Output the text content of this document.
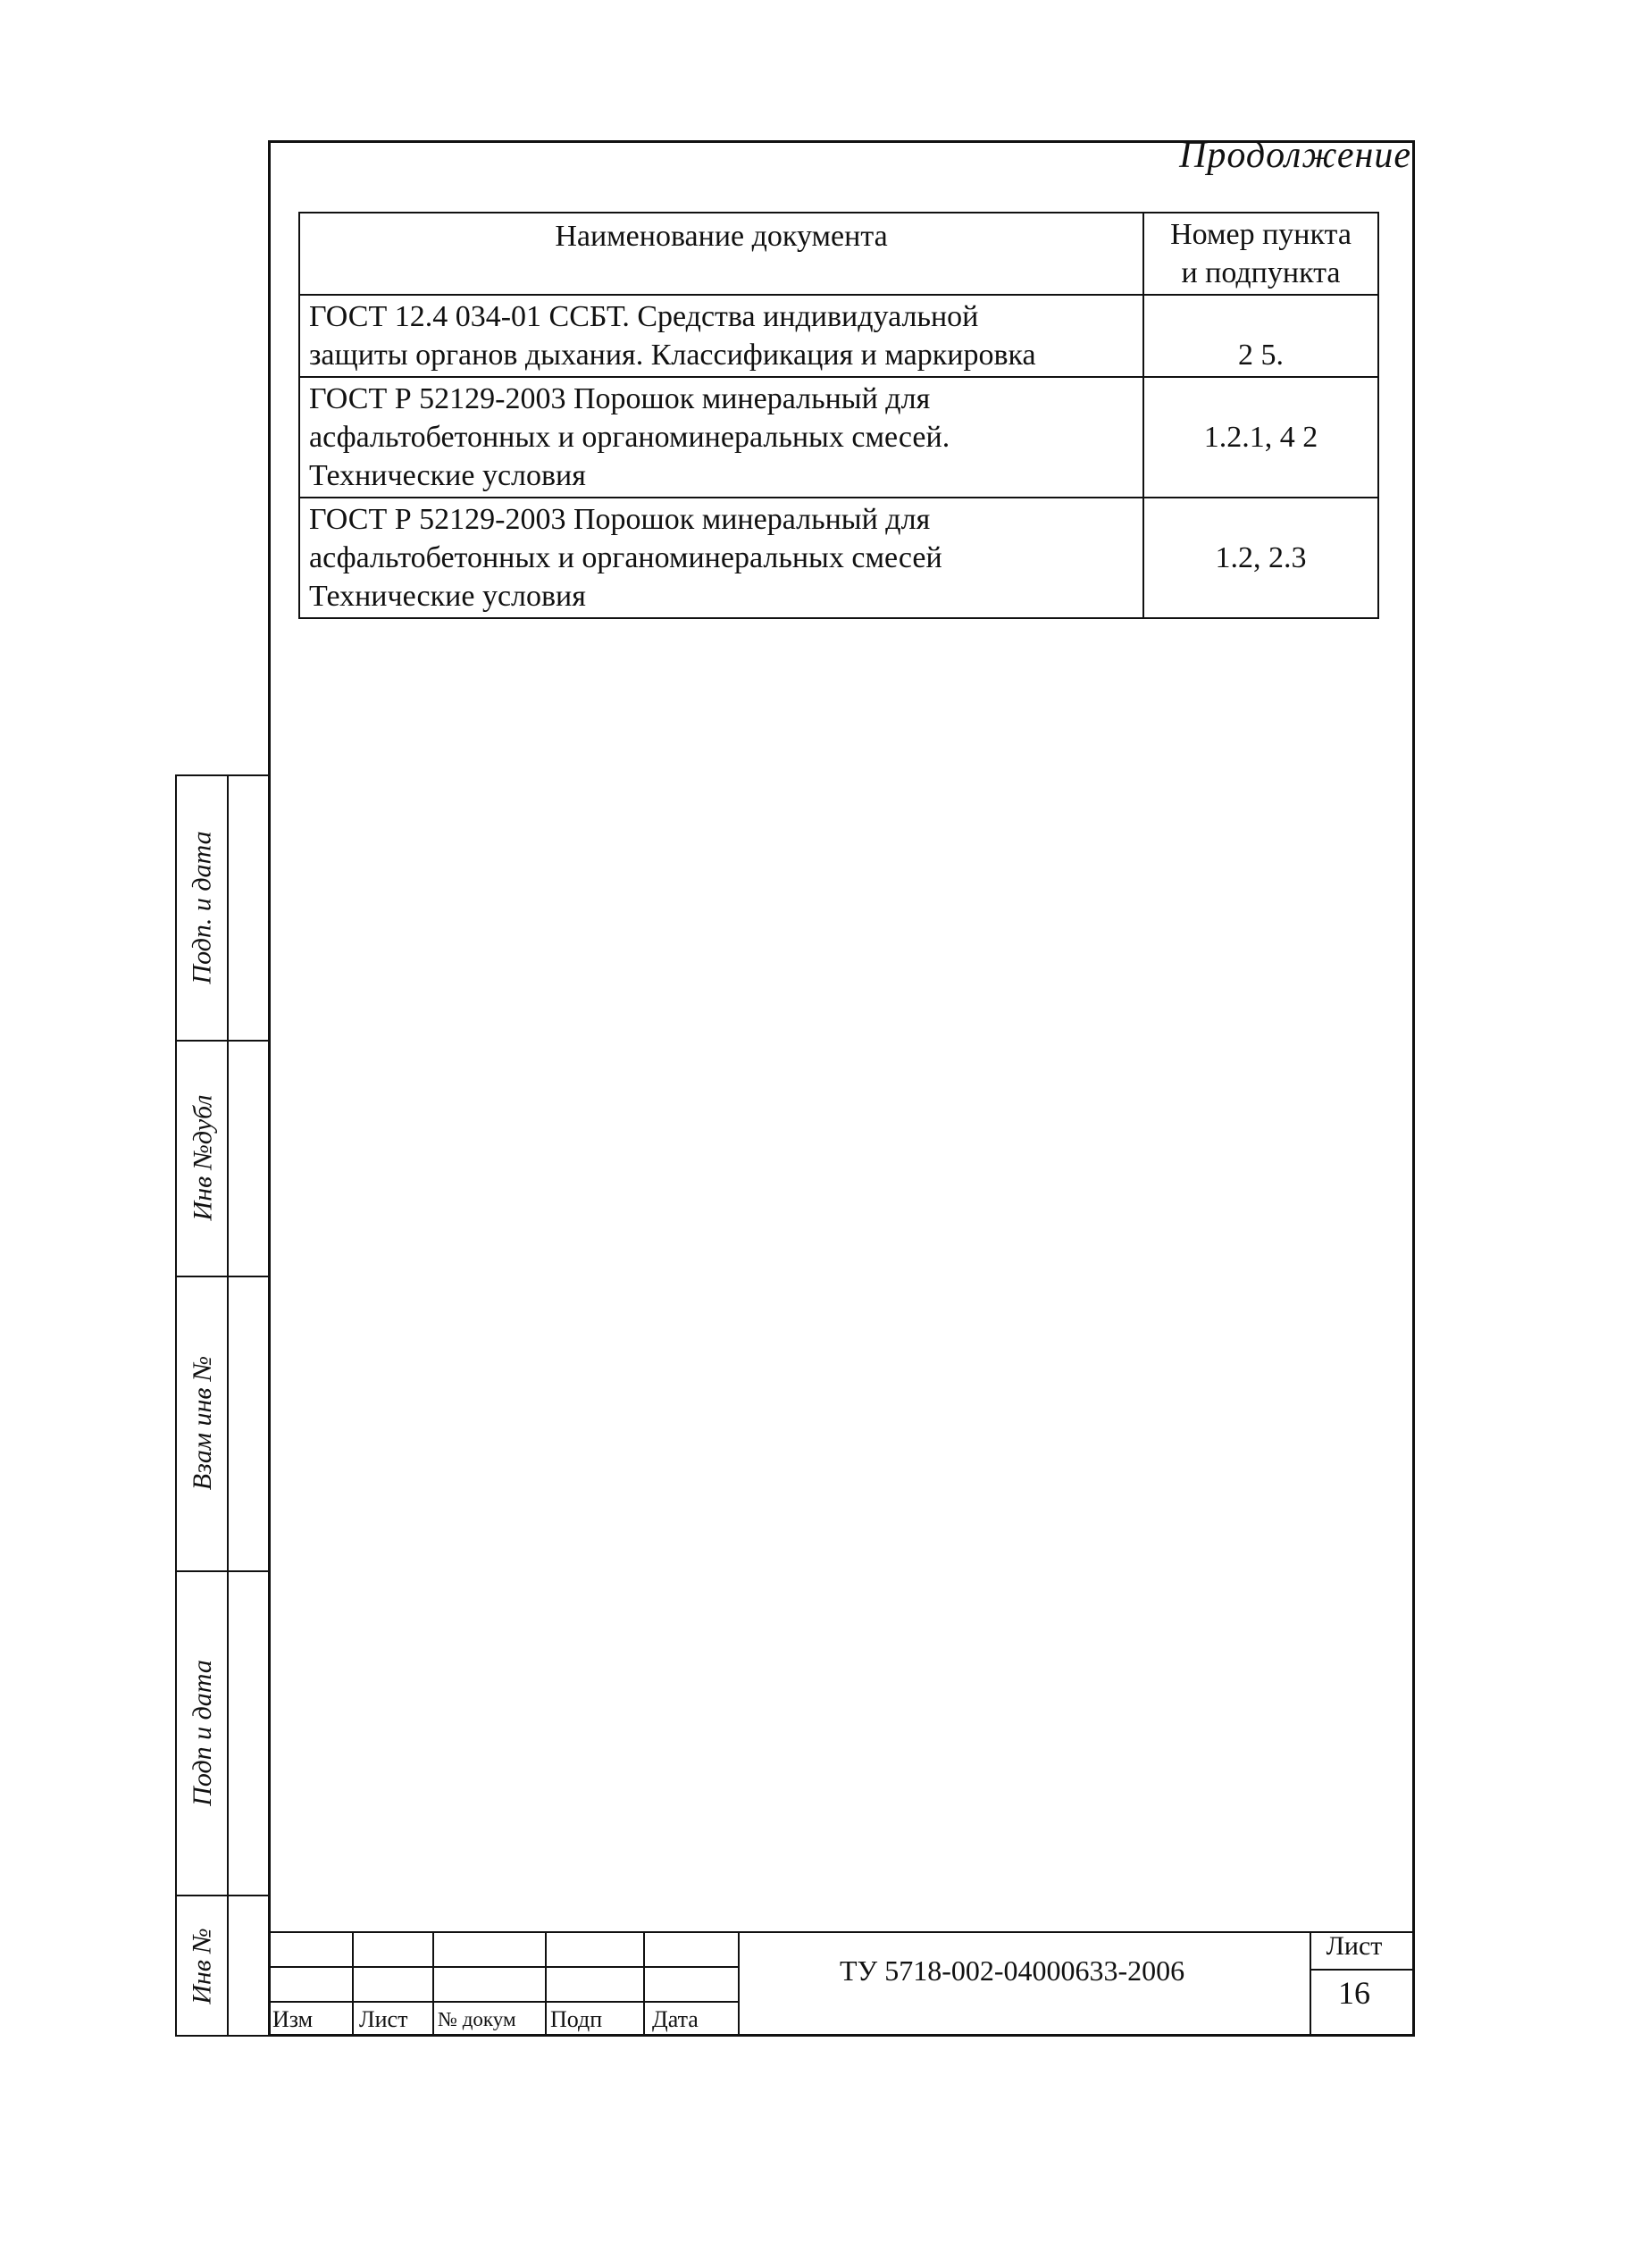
Продолжение
Наименование документа	Номер пункта
и подпункта

ГОСТ 12.4 034-01 ССБТ. Средства индивидуальной
защиты органов дыхания. Классификация и маркировка	2 5.

ГОСТ Р 52129-2003 Порошок минеральный для
асфальтобетонных и органоминеральных смесей.
Технические условия	1.2.1, 4 2

ГОСТ Р 52129-2003 Порошок минеральный для
асфальтобетонных и органоминеральных смесей
Технические условия	1.2, 2.3
Подп. и дата
Инв №дубл
Взам инв №
Подп и дата
Инв №
Изм Лист № докум Подп Дата
ТУ 5718-002-04000633-2006
Лист
16
